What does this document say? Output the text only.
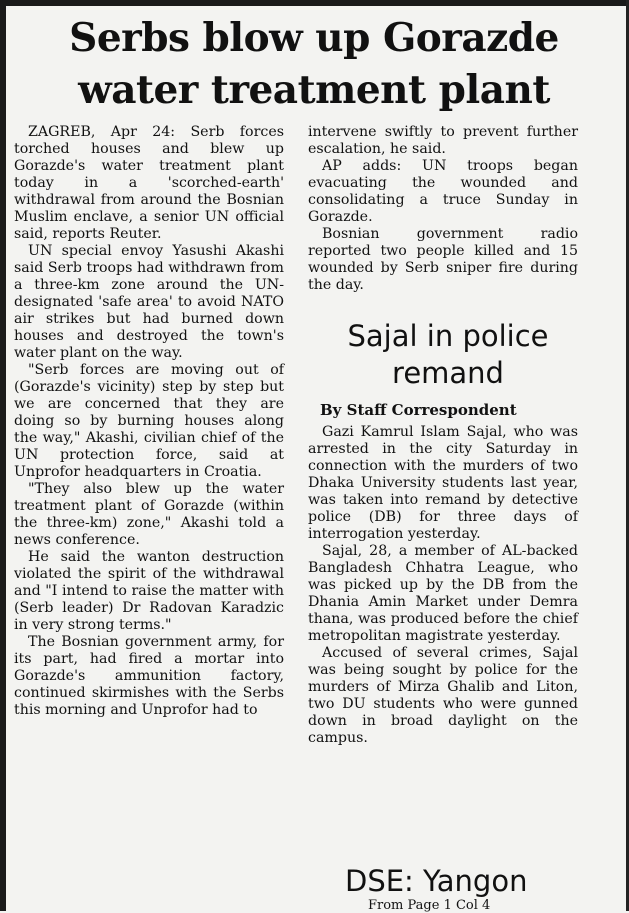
Serbs blow up Gorazde water treatment plant

ZAGREB, Apr 24: Serb forces torched houses and blew up Gorazde's water treatment plant today in a 'scorched-earth' withdrawal from around the Bosnian Muslim enclave, a senior UN official said, reports Reuter.

UN special envoy Yasushi Akashi said Serb troops had withdrawn from a three-km zone around the UN-designated 'safe area' to avoid NATO air strikes but had burned down houses and destroyed the town's water plant on the way.

"Serb forces are moving out of (Gorazde's vicinity) step by step but we are concerned that they are doing so by burning houses along the way," Akashi, civilian chief of the UN protection force, said at Unprofor headquarters in Croatia.

"They also blew up the water treatment plant of Gorazde (within the three-km) zone," Akashi told a news conference.

He said the wanton destruction violated the spirit of the withdrawal and "I intend to raise the matter with (Serb leader) Dr Radovan Karadzic in very strong terms."

The Bosnian government army, for its part, had fired a mortar into Gorazde's ammunition factory, continued skirmishes with the Serbs this morning and Unprofor had to

intervene swiftly to prevent further escalation, he said.

AP adds: UN troops began evacuating the wounded and consolidating a truce Sunday in Gorazde.

Bosnian government radio reported two people killed and 15 wounded by Serb sniper fire during the day.

Sajal in police remand
By Staff Correspondent

Gazi Kamrul Islam Sajal, who was arrested in the city Saturday in connection with the murders of two Dhaka University students last year, was taken into remand by detective police (DB) for three days of interrogation yesterday.

Sajal, 28, a member of AL-backed Bangladesh Chhatra League, who was picked up by the DB from the Dhania Amin Market under Demra thana, was produced before the chief metropolitan magistrate yesterday.

Accused of several crimes, Sajal was being sought by police for the murders of Mirza Ghalib and Liton, two DU students who were gunned down in broad daylight on the campus.

DSE: Yangon
From Page 1 Col 4
